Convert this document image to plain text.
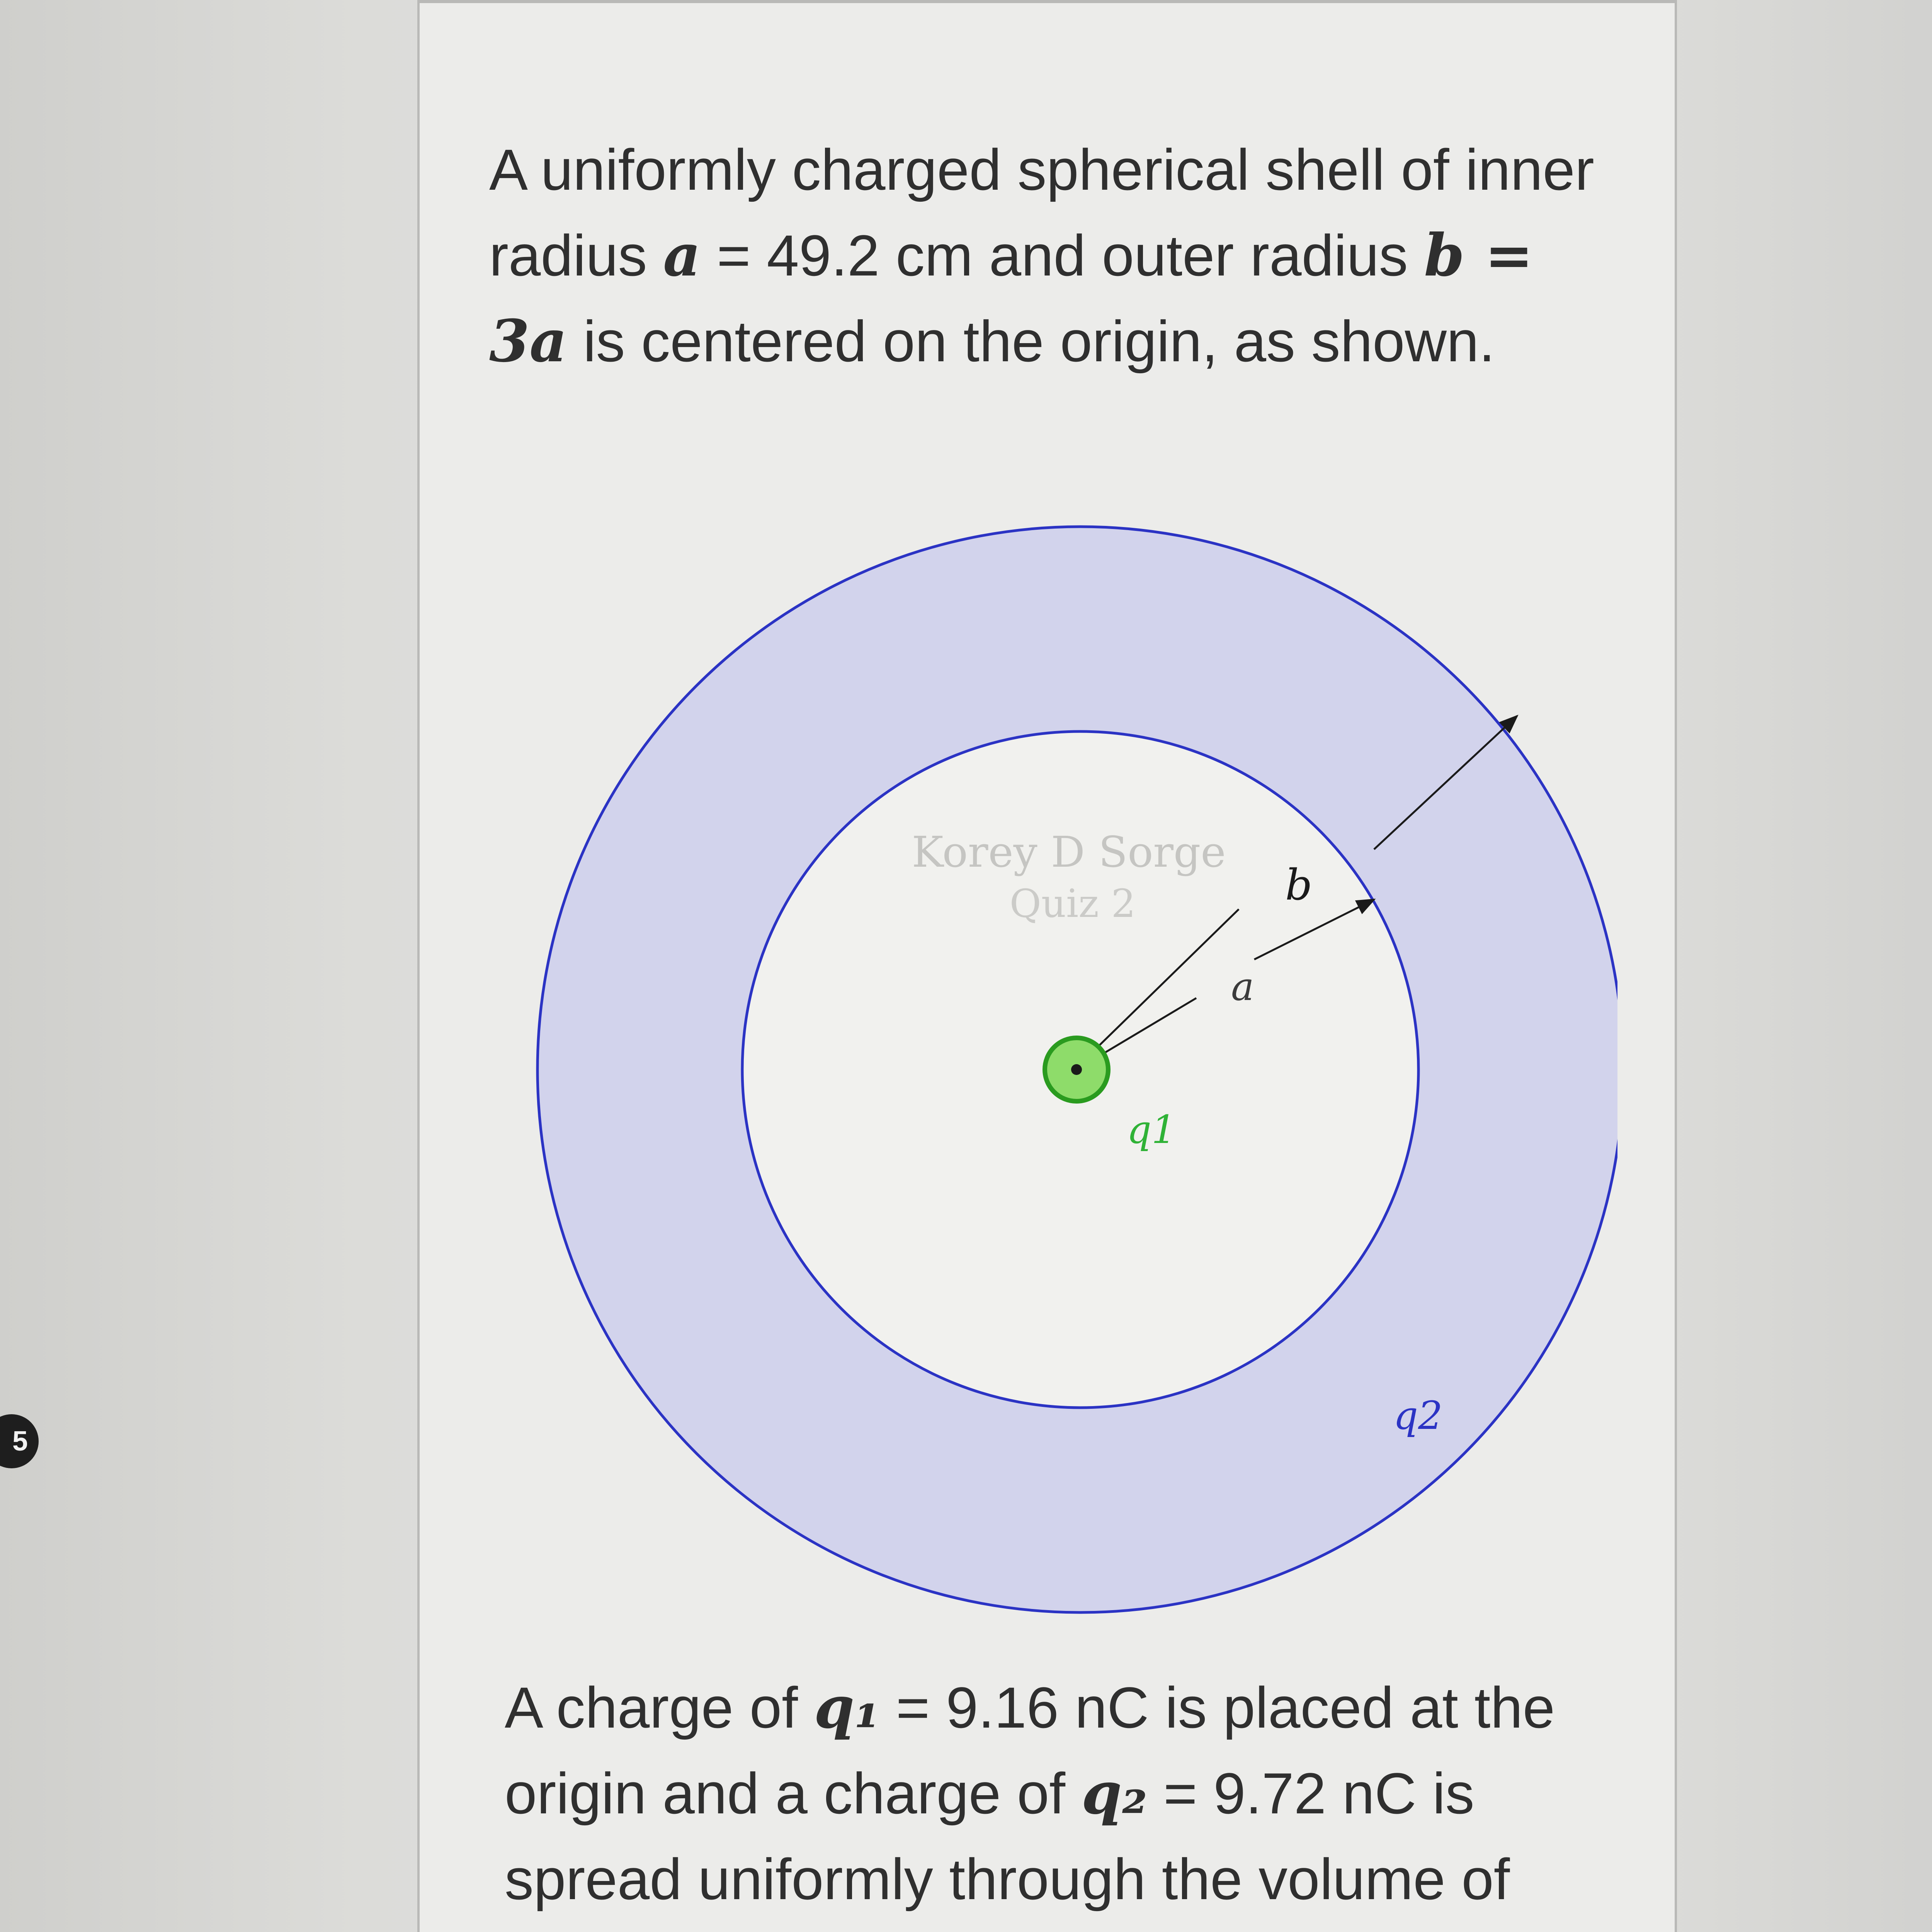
5

A uniformly charged spherical shell of inner radius a = 49.2 cm and outer radius b = 3a is centered on the origin, as shown.

Korey D Sorge
Quiz 2	b
a
q1
q2

A charge of q₁ = 9.16 nC is placed at the origin and a charge of q₂ = 9.72 nC is spread uniformly through the volume of
